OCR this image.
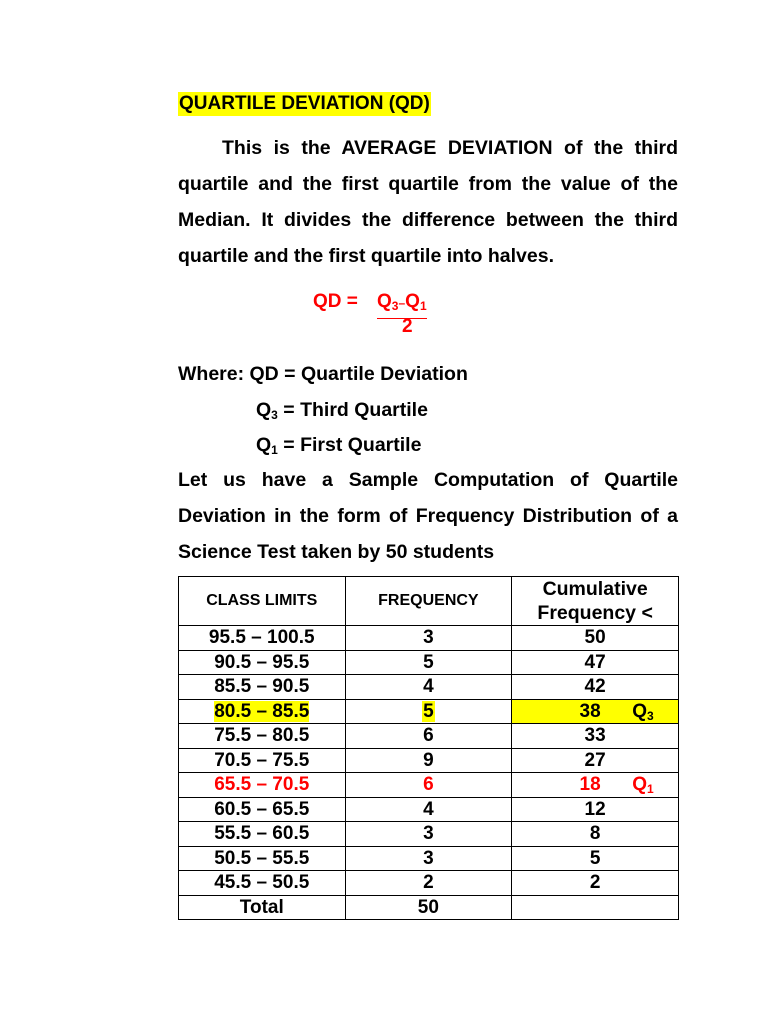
QUARTILE DEVIATION (QD)

This is the AVERAGE DEVIATION of the third quartile and the first quartile from the value of the Median. It divides the difference between the third quartile and the first quartile into halves.

QD = $Q_3-Q_1$
2
Where: QD = Quartile Deviation
$Q_3$ = Third Quartile
$Q_1$ = First Quartile

Let us have a Sample Computation of Quartile Deviation in the form of Frequency Distribution of a Science Test taken by 50 students

CLASS LIMITS	FREQUENCY	Cumulative
Frequency <

95.5 – 100.5	3	50
90.5 – 95.5	5	47
85.5 – 90.5	4	42
80.5 – 85.5	5	38 $Q_3$

75.5 – 80.5	6	33
70.5 – 75.5	9	27
65.5 – 70.5	6	18 $Q_1$

60.5 – 65.5	4	12
55.5 – 60.5	3	8
50.5 – 55.5	3	5
45.5 – 50.5	2	2
Total	50	
